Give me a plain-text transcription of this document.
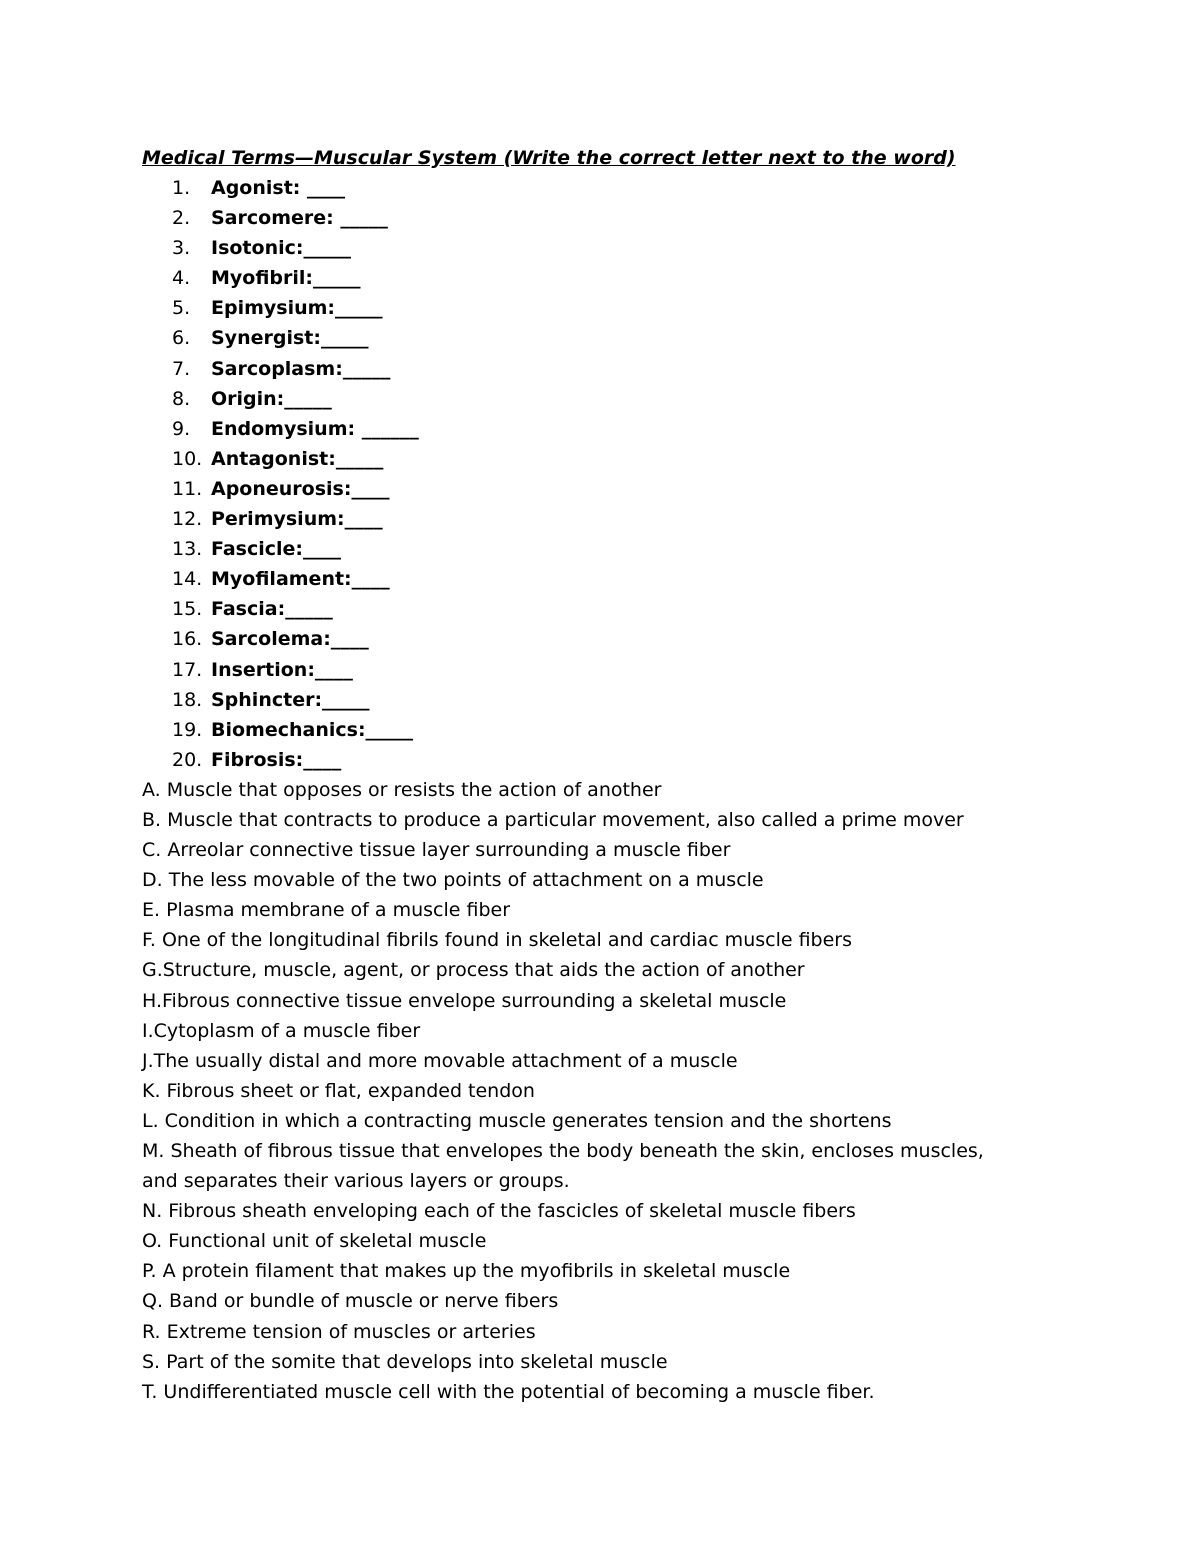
Medical Terms—Muscular System (Write the correct letter next to the word)
1.	Agonist: ____
2.	Sarcomere: _____
3.	Isotonic:_____
4.	Myofibril:_____
5.	Epimysium:_____
6.	Synergist:_____
7.	Sarcoplasm:_____
8.	Origin:_____
9.	Endomysium: ______
10. Antagonist:_____
11. Aponeurosis:____
12. Perimysium:____
13. Fascicle:____
14. Myofilament:____
15. Fascia:_____
16. Sarcolema:____
17. Insertion:____
18. Sphincter:_____
19. Biomechanics:_____
20. Fibrosis:____
A. Muscle that opposes or resists the action of another
B. Muscle that contracts to produce a particular movement, also called a prime mover
C. Arreolar connective tissue layer surrounding a muscle fiber
D. The less movable of the two points of attachment on a muscle
E. Plasma membrane of a muscle fiber
F. One of the longitudinal fibrils found in skeletal and cardiac muscle fibers
G.Structure, muscle, agent, or process that aids the action of another
H.Fibrous connective tissue envelope surrounding a skeletal muscle
I.Cytoplasm of a muscle fiber
J.The usually distal and more movable attachment of a muscle
K. Fibrous sheet or flat, expanded tendon
L. Condition in which a contracting muscle generates tension and the shortens
M. Sheath of fibrous tissue that envelopes the body beneath the skin, encloses muscles,
and separates their various layers or groups.
N. Fibrous sheath enveloping each of the fascicles of skeletal muscle fibers
O. Functional unit of skeletal muscle
P. A protein filament that makes up the myofibrils in skeletal muscle
Q. Band or bundle of muscle or nerve fibers
R. Extreme tension of muscles or arteries
S. Part of the somite that develops into skeletal muscle
T. Undifferentiated muscle cell with the potential of becoming a muscle fiber.
